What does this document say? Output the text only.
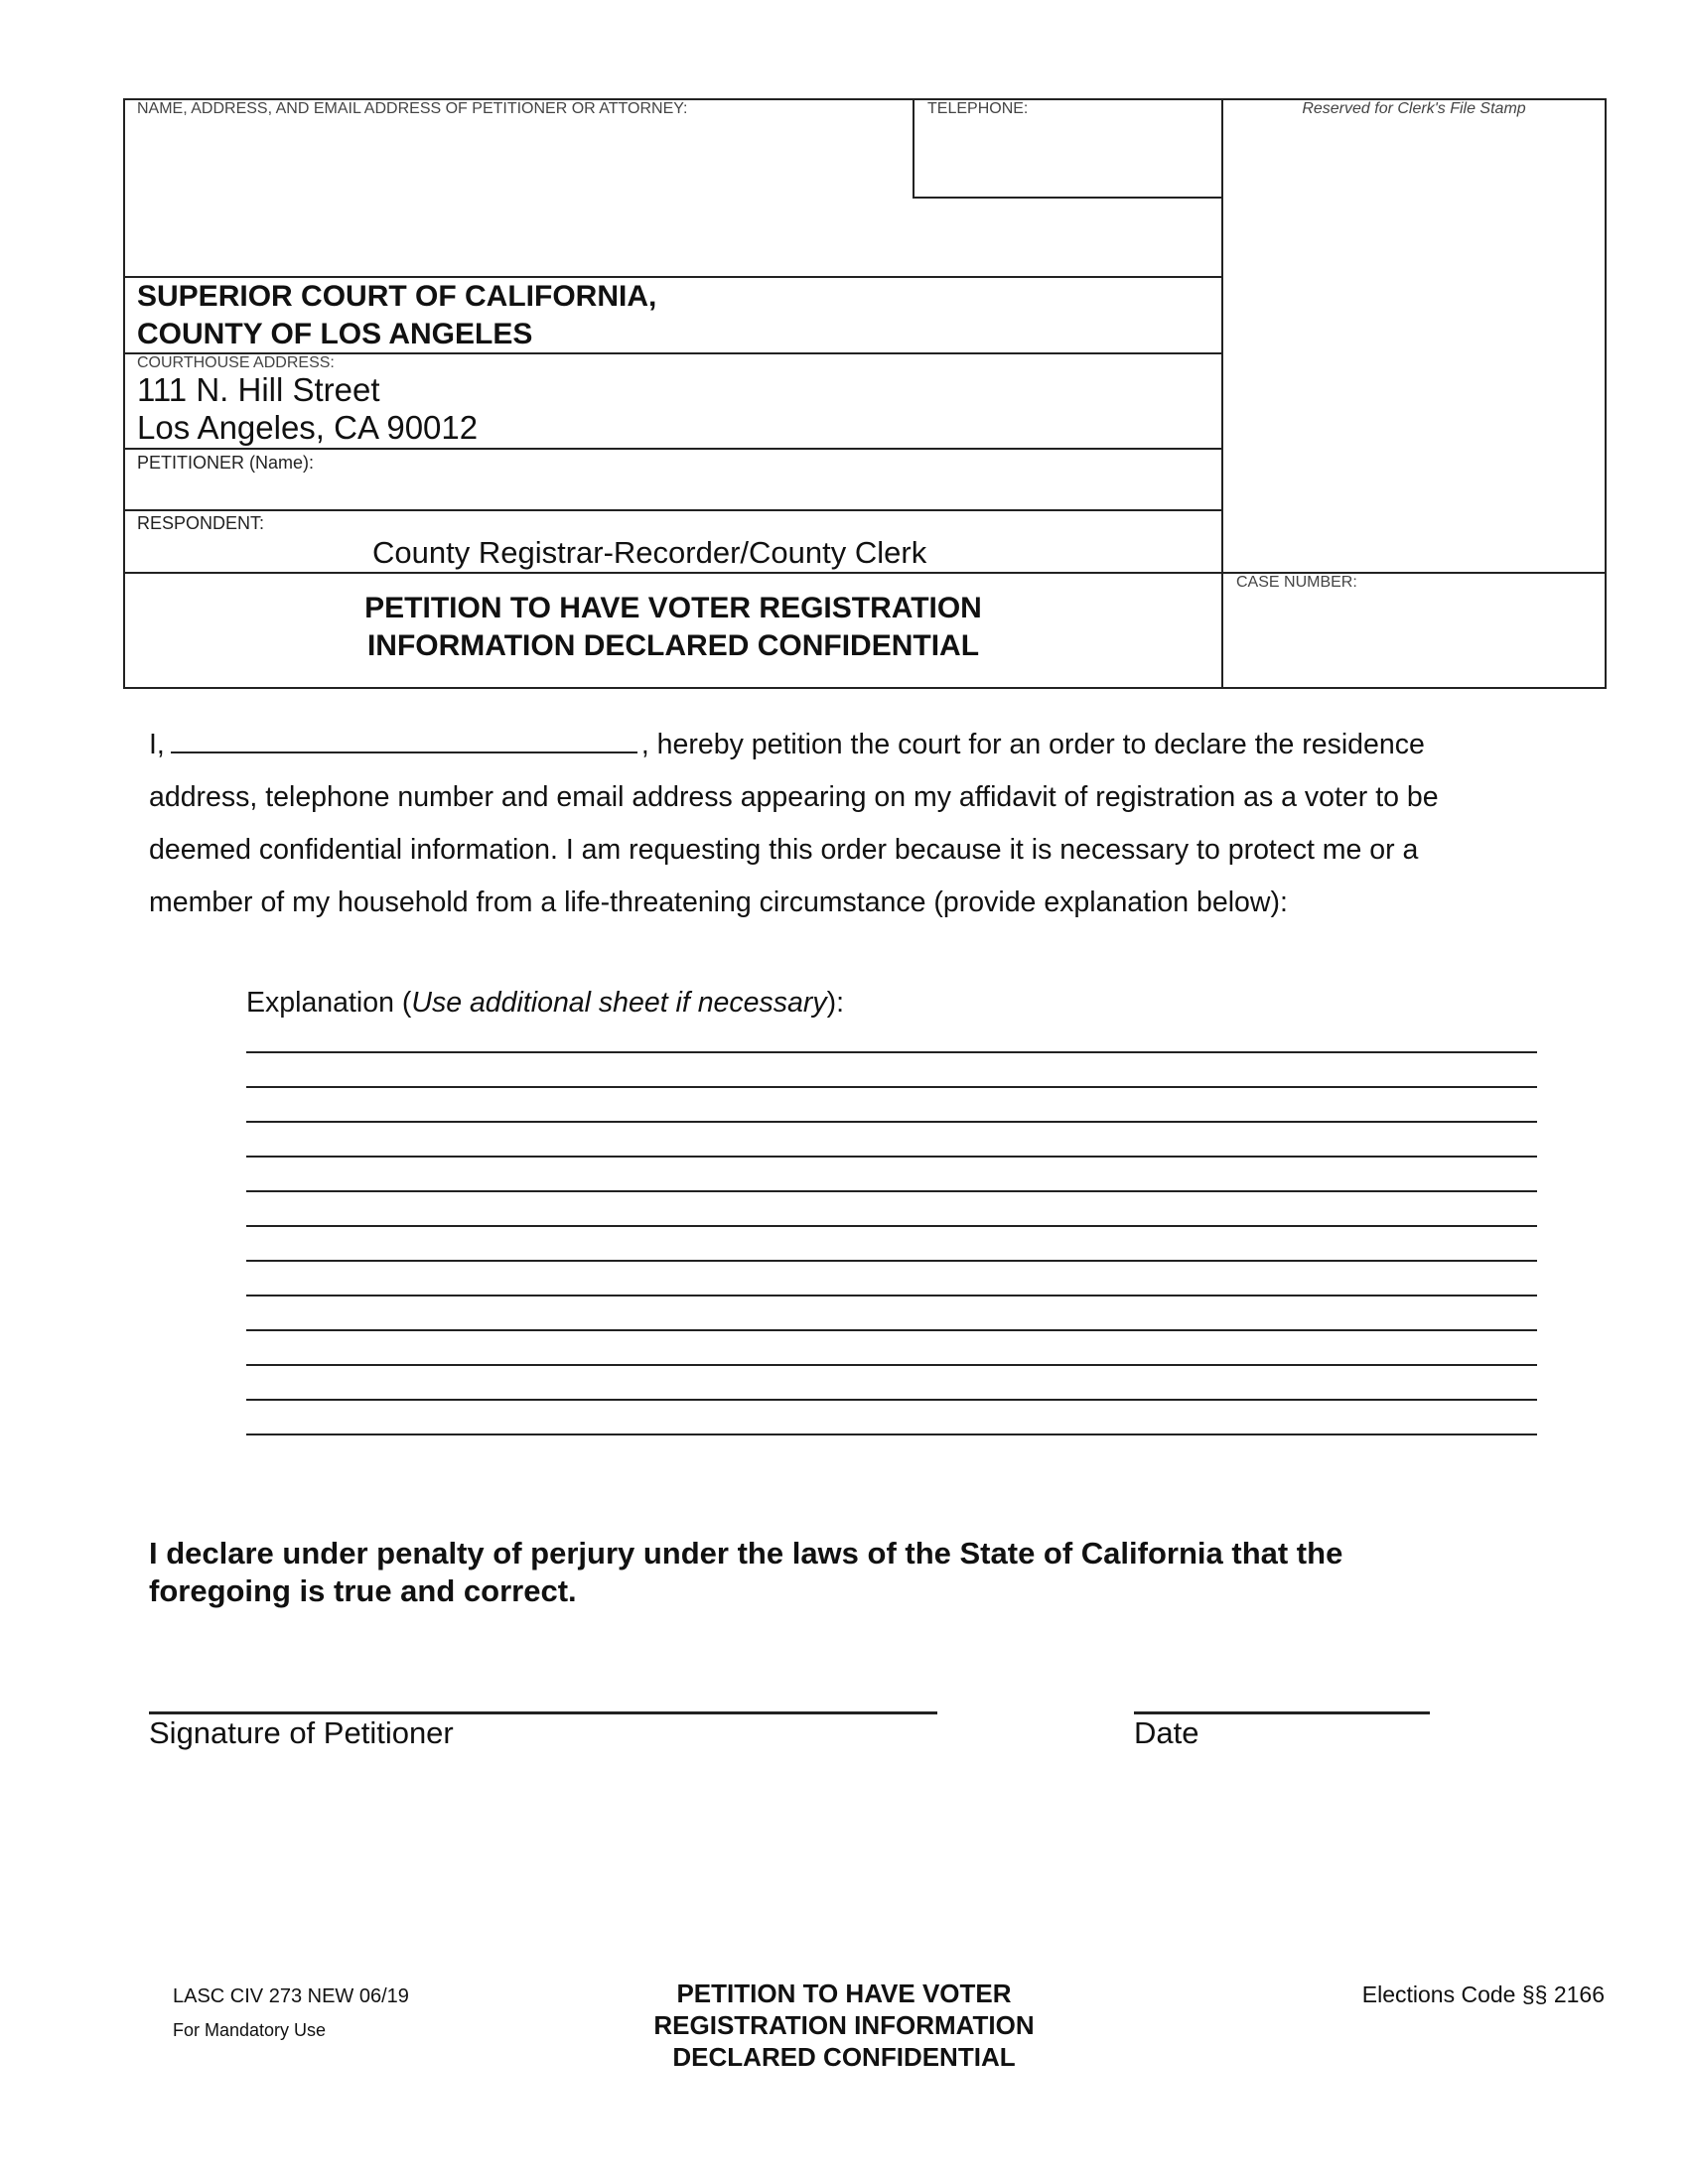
NAME, ADDRESS, AND EMAIL ADDRESS OF PETITIONER OR ATTORNEY:	TELEPHONE:	Reserved for Clerk's File Stamp
SUPERIOR COURT OF CALIFORNIA,
COUNTY OF LOS ANGELES
COURTHOUSE ADDRESS:
111 N. Hill Street
Los Angeles, CA 90012
PETITIONER (Name):
RESPONDENT:
County Registrar-Recorder/County Clerk
PETITION TO HAVE VOTER REGISTRATION
INFORMATION DECLARED CONFIDENTIAL
CASE NUMBER:
I,	, hereby petition the court for an order to declare the residence
address, telephone number and email address appearing on my affidavit of registration as a voter to be
deemed confidential information. I am requesting this order because it is necessary to protect me or a
member of my household from a life-threatening circumstance (provide explanation below):
Explanation (Use additional sheet if necessary):
I declare under penalty of perjury under the laws of the State of California that the
foregoing is true and correct.
Signature of Petitioner	Date
LASC CIV 273 NEW 06/19
For Mandatory Use
PETITION TO HAVE VOTER
REGISTRATION INFORMATION
DECLARED CONFIDENTIAL
Elections Code §§ 2166
